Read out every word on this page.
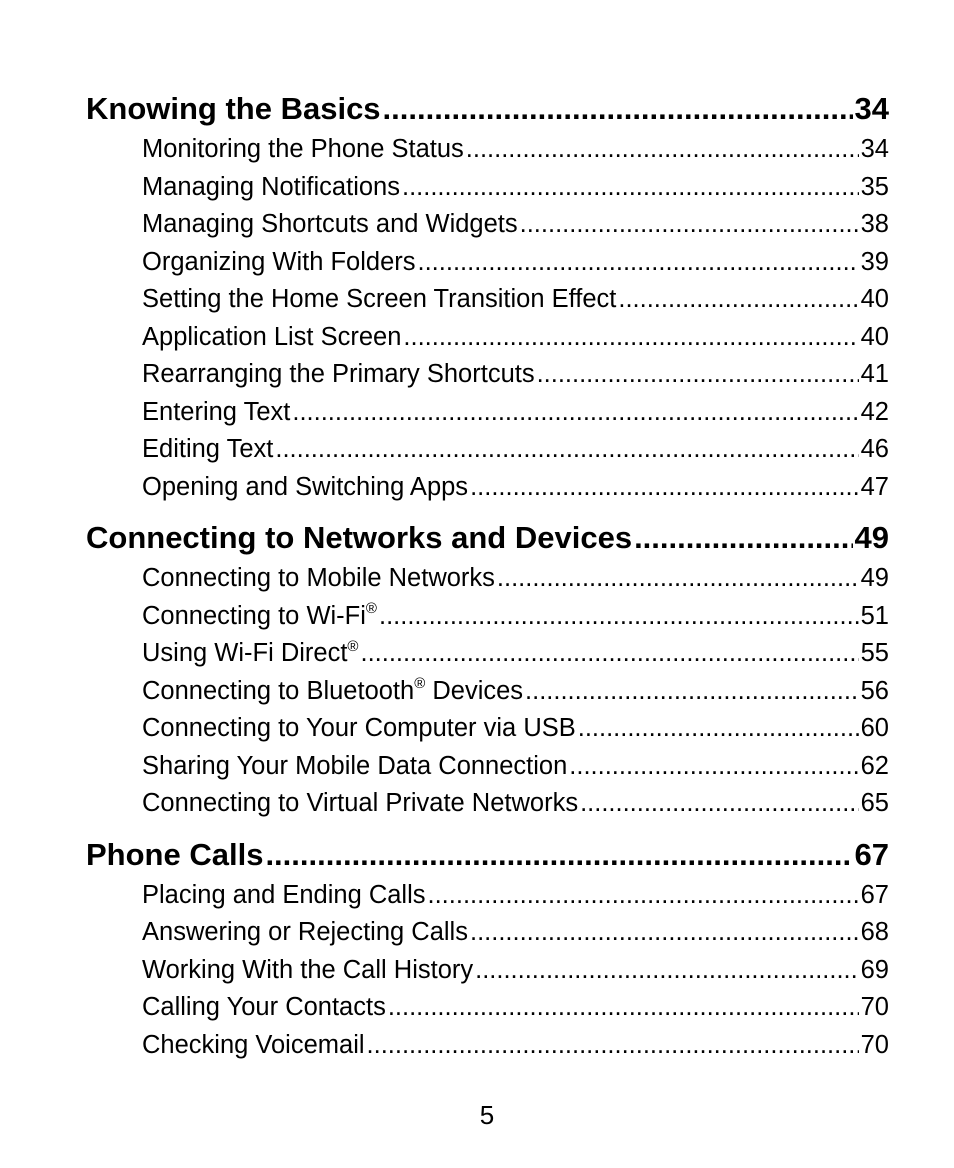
Knowing the Basics .....	34
Monitoring the Phone Status .....	34
Managing Notifications .....	35
Managing Shortcuts and Widgets .....	38
Organizing With Folders .....	39
Setting the Home Screen Transition Effect .....	40
Application List Screen .....	40
Rearranging the Primary Shortcuts .....	41
Entering Text .....	42
Editing Text .....	46
Opening and Switching Apps .....	47
Connecting to Networks and Devices .....	49
Connecting to Mobile Networks .....	49
Connecting to Wi-Fi® .....	51
Using Wi-Fi Direct® .....	55
Connecting to Bluetooth® Devices .....	56
Connecting to Your Computer via USB .....	60
Sharing Your Mobile Data Connection .....	62
Connecting to Virtual Private Networks .....	65
Phone Calls .....	67
Placing and Ending Calls .....	67
Answering or Rejecting Calls .....	68
Working With the Call History .....	69
Calling Your Contacts .....	70
Checking Voicemail .....	70
5
